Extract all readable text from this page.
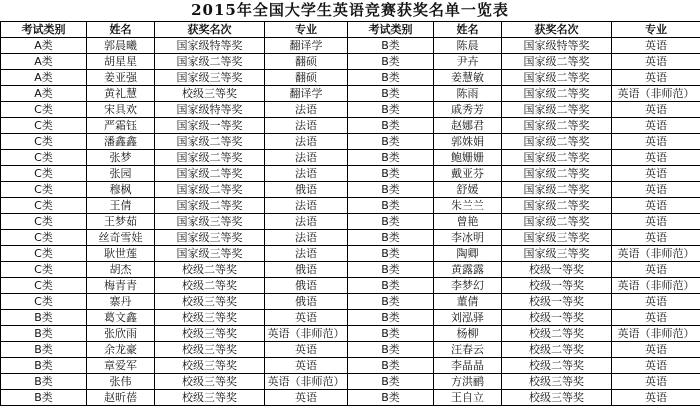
2015年全国大学生英语竞赛获奖名单一览表
考试类别	姓名	获奖名次	专业	考试类别	姓名	获奖名次	专业
A类	郭晨曦	国家级特等奖	翻译学	B类	陈晨	国家级特等奖	英语
A类	胡星星	国家级二等奖	翻硕	B类	尹卉	国家级二等奖	英语
A类	姜亚强	国家级三等奖	翻硕	B类	姜慧敏	国家级二等奖	英语
A类	黄礼慧	校级三等奖	翻译学	B类	陈雨	国家级二等奖	英语（非师范）
C类	宋具欢	国家级特等奖	法语	B类	戚秀芳	国家级二等奖	英语
C类	严霜钰	国家级一等奖	法语	B类	赵娜君	国家级二等奖	英语
C类	潘鑫鑫	国家级二等奖	法语	B类	郭姝娟	国家级二等奖	英语
C类	张梦	国家级二等奖	法语	B类	鲍姗姗	国家级二等奖	英语
C类	张园	国家级二等奖	法语	B类	戴亚芬	国家级二等奖	英语
C类	穆枫	国家级二等奖	俄语	B类	舒媛	国家级二等奖	英语
C类	王倩	国家级二等奖	法语	B类	朱兰兰	国家级二等奖	英语
C类	王梦茹	国家级三等奖	法语	B类	曾艳	国家级二等奖	英语
C类	丝奇雪娃	国家级三等奖	法语	B类	李冰明	国家级三等奖	英语
C类	耿世莲	国家级三等奖	法语	B类	陶卿	国家级三等奖	英语（非师范）
C类	胡杰	校级二等奖	俄语	B类	黄露露	校级一等奖	英语
C类	梅青青	校级二等奖	俄语	B类	李梦幻	校级一等奖	英语（非师范）
C类	寨丹	校级三等奖	俄语	B类	董倩	校级一等奖	英语
B类	葛文鑫	校级三等奖	英语	B类	刘泓驿	校级一等奖	英语
B类	张欣雨	校级三等奖	英语（非师范）	B类	杨柳	校级二等奖	英语（非师范）
B类	余龙豪	校级三等奖	英语	B类	汪春云	校级二等奖	英语
B类	章爱军	校级三等奖	英语	B类	李晶晶	校级二等奖	英语
B类	张伟	校级三等奖	英语（非师范）	B类	方洪鹂	校级三等奖	英语
B类	赵昕蓓	校级三等奖	英语	B类	王自立	校级三等奖	英语
